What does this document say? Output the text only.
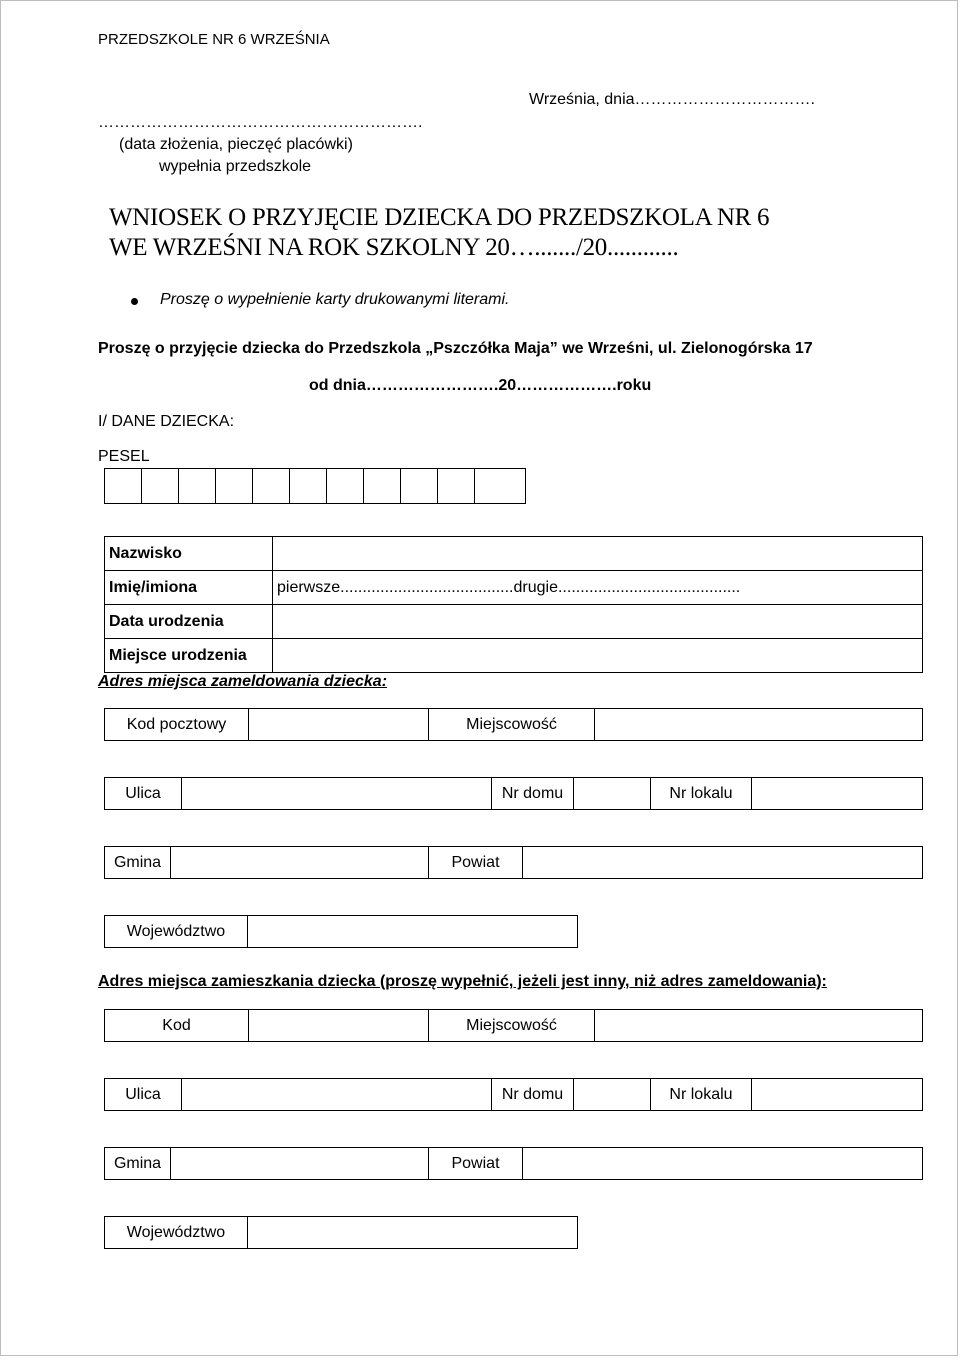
PRZEDSZKOLE NR 6 WRZEŚNIA
Września, dnia…………………………….
…………………………………………………….
(data złożenia, pieczęć placówki)
wypełnia przedszkole
WNIOSEK O PRZYJĘCIE DZIECKA DO PRZEDSZKOLA NR 6
WE WRZEŚNI NA ROK SZKOLNY 20…......./20............
Proszę o wypełnienie karty drukowanymi literami.
Proszę o przyjęcie dziecka do Przedszkola „Pszczółka Maja” we Wrześni, ul. Zielonogórska 17
od dnia…………………….20……………….roku
I/ DANE DZIECKA:
PESEL
Nazwisko
Imię/imiona	pierwsze.......................................drugie.........................................
Data urodzenia
Miejsce urodzenia
Adres miejsca zameldowania dziecka:
Kod pocztowy	Miejscowość
Ulica	Nr domu	Nr lokalu
Gmina	Powiat
Województwo
Adres miejsca zamieszkania dziecka (proszę wypełnić, jeżeli jest inny, niż adres zameldowania):
Kod	Miejscowość
Ulica	Nr domu	Nr lokalu
Gmina	Powiat
Województwo
